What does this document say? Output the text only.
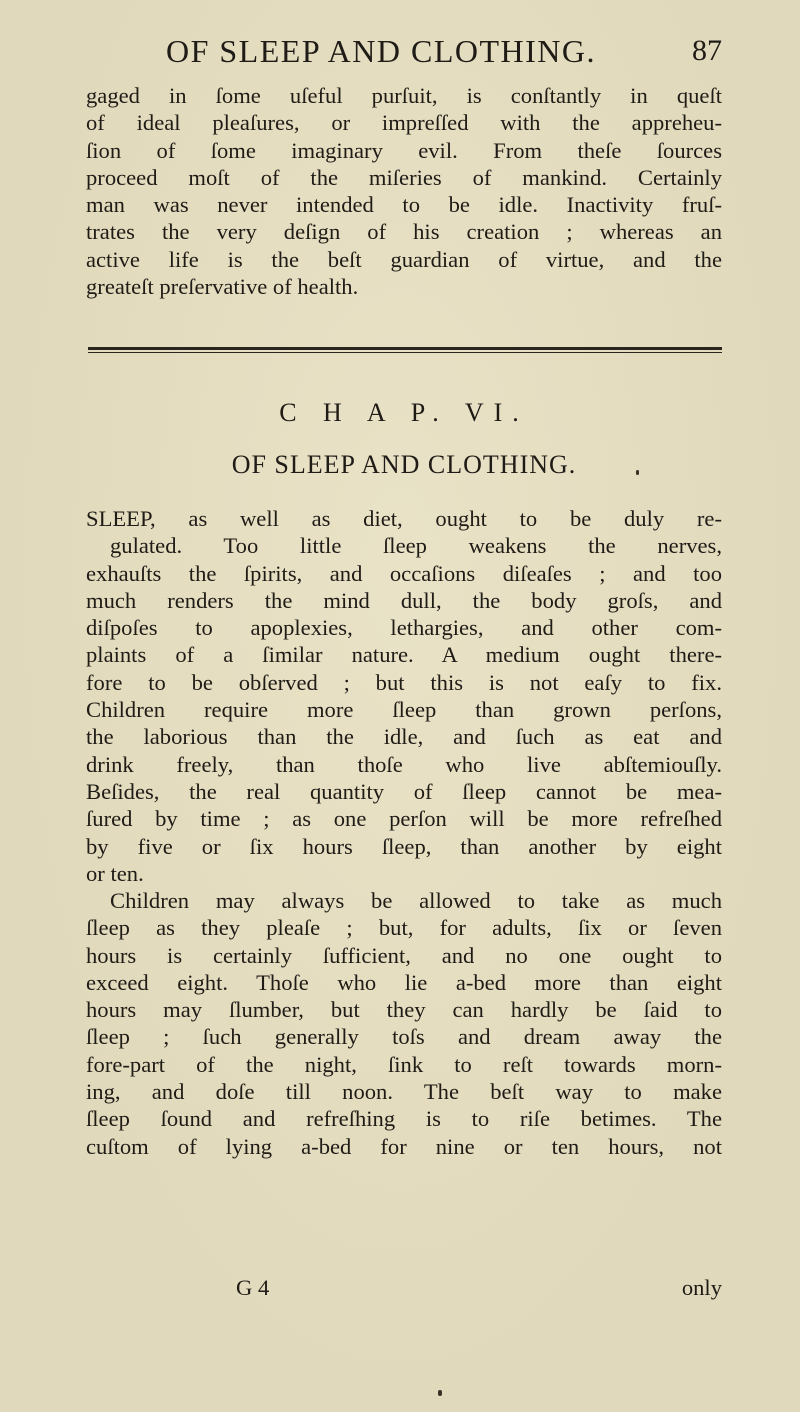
OF SLEEP AND CLOTHING.	87
gaged in ſome uſeful purſuit, is conſtantly in queſt
of ideal pleaſures, or impreſſed with the appreheu-
ſion of ſome imaginary evil. From theſe ſources
proceed moſt of the miſeries of mankind. Certainly
man was never intended to be idle. Inactivity fruſ-
trates the very deſign of his creation ; whereas an
active life is the beſt guardian of virtue, and the
greateſt preſervative of health.
C H A P. VI.
OF SLEEP AND CLOTHING.
SLEEP, as well as diet, ought to be duly re-
gulated. Too little ſleep weakens the nerves,
exhauſts the ſpirits, and occaſions diſeaſes ; and too
much renders the mind dull, the body groſs, and
diſpoſes to apoplexies, lethargies, and other com-
plaints of a ſimilar nature. A medium ought there-
fore to be obſerved ; but this is not eaſy to fix.
Children require more ſleep than grown perſons,
the laborious than the idle, and ſuch as eat and
drink freely, than thoſe who live abſtemiouſly.
Beſides, the real quantity of ſleep cannot be mea-
ſured by time ; as one perſon will be more refreſhed
by five or ſix hours ſleep, than another by eight
or ten.
Children may always be allowed to take as much
ſleep as they pleaſe ; but, for adults, ſix or ſeven
hours is certainly ſufficient, and no one ought to
exceed eight. Thoſe who lie a-bed more than eight
hours may ſlumber, but they can hardly be ſaid to
ſleep ; ſuch generally toſs and dream away the
fore-part of the night, ſink to reſt towards morn-
ing, and doſe till noon. The beſt way to make
ſleep ſound and refreſhing is to riſe betimes. The
cuſtom of lying a-bed for nine or ten hours, not
G 4	only
